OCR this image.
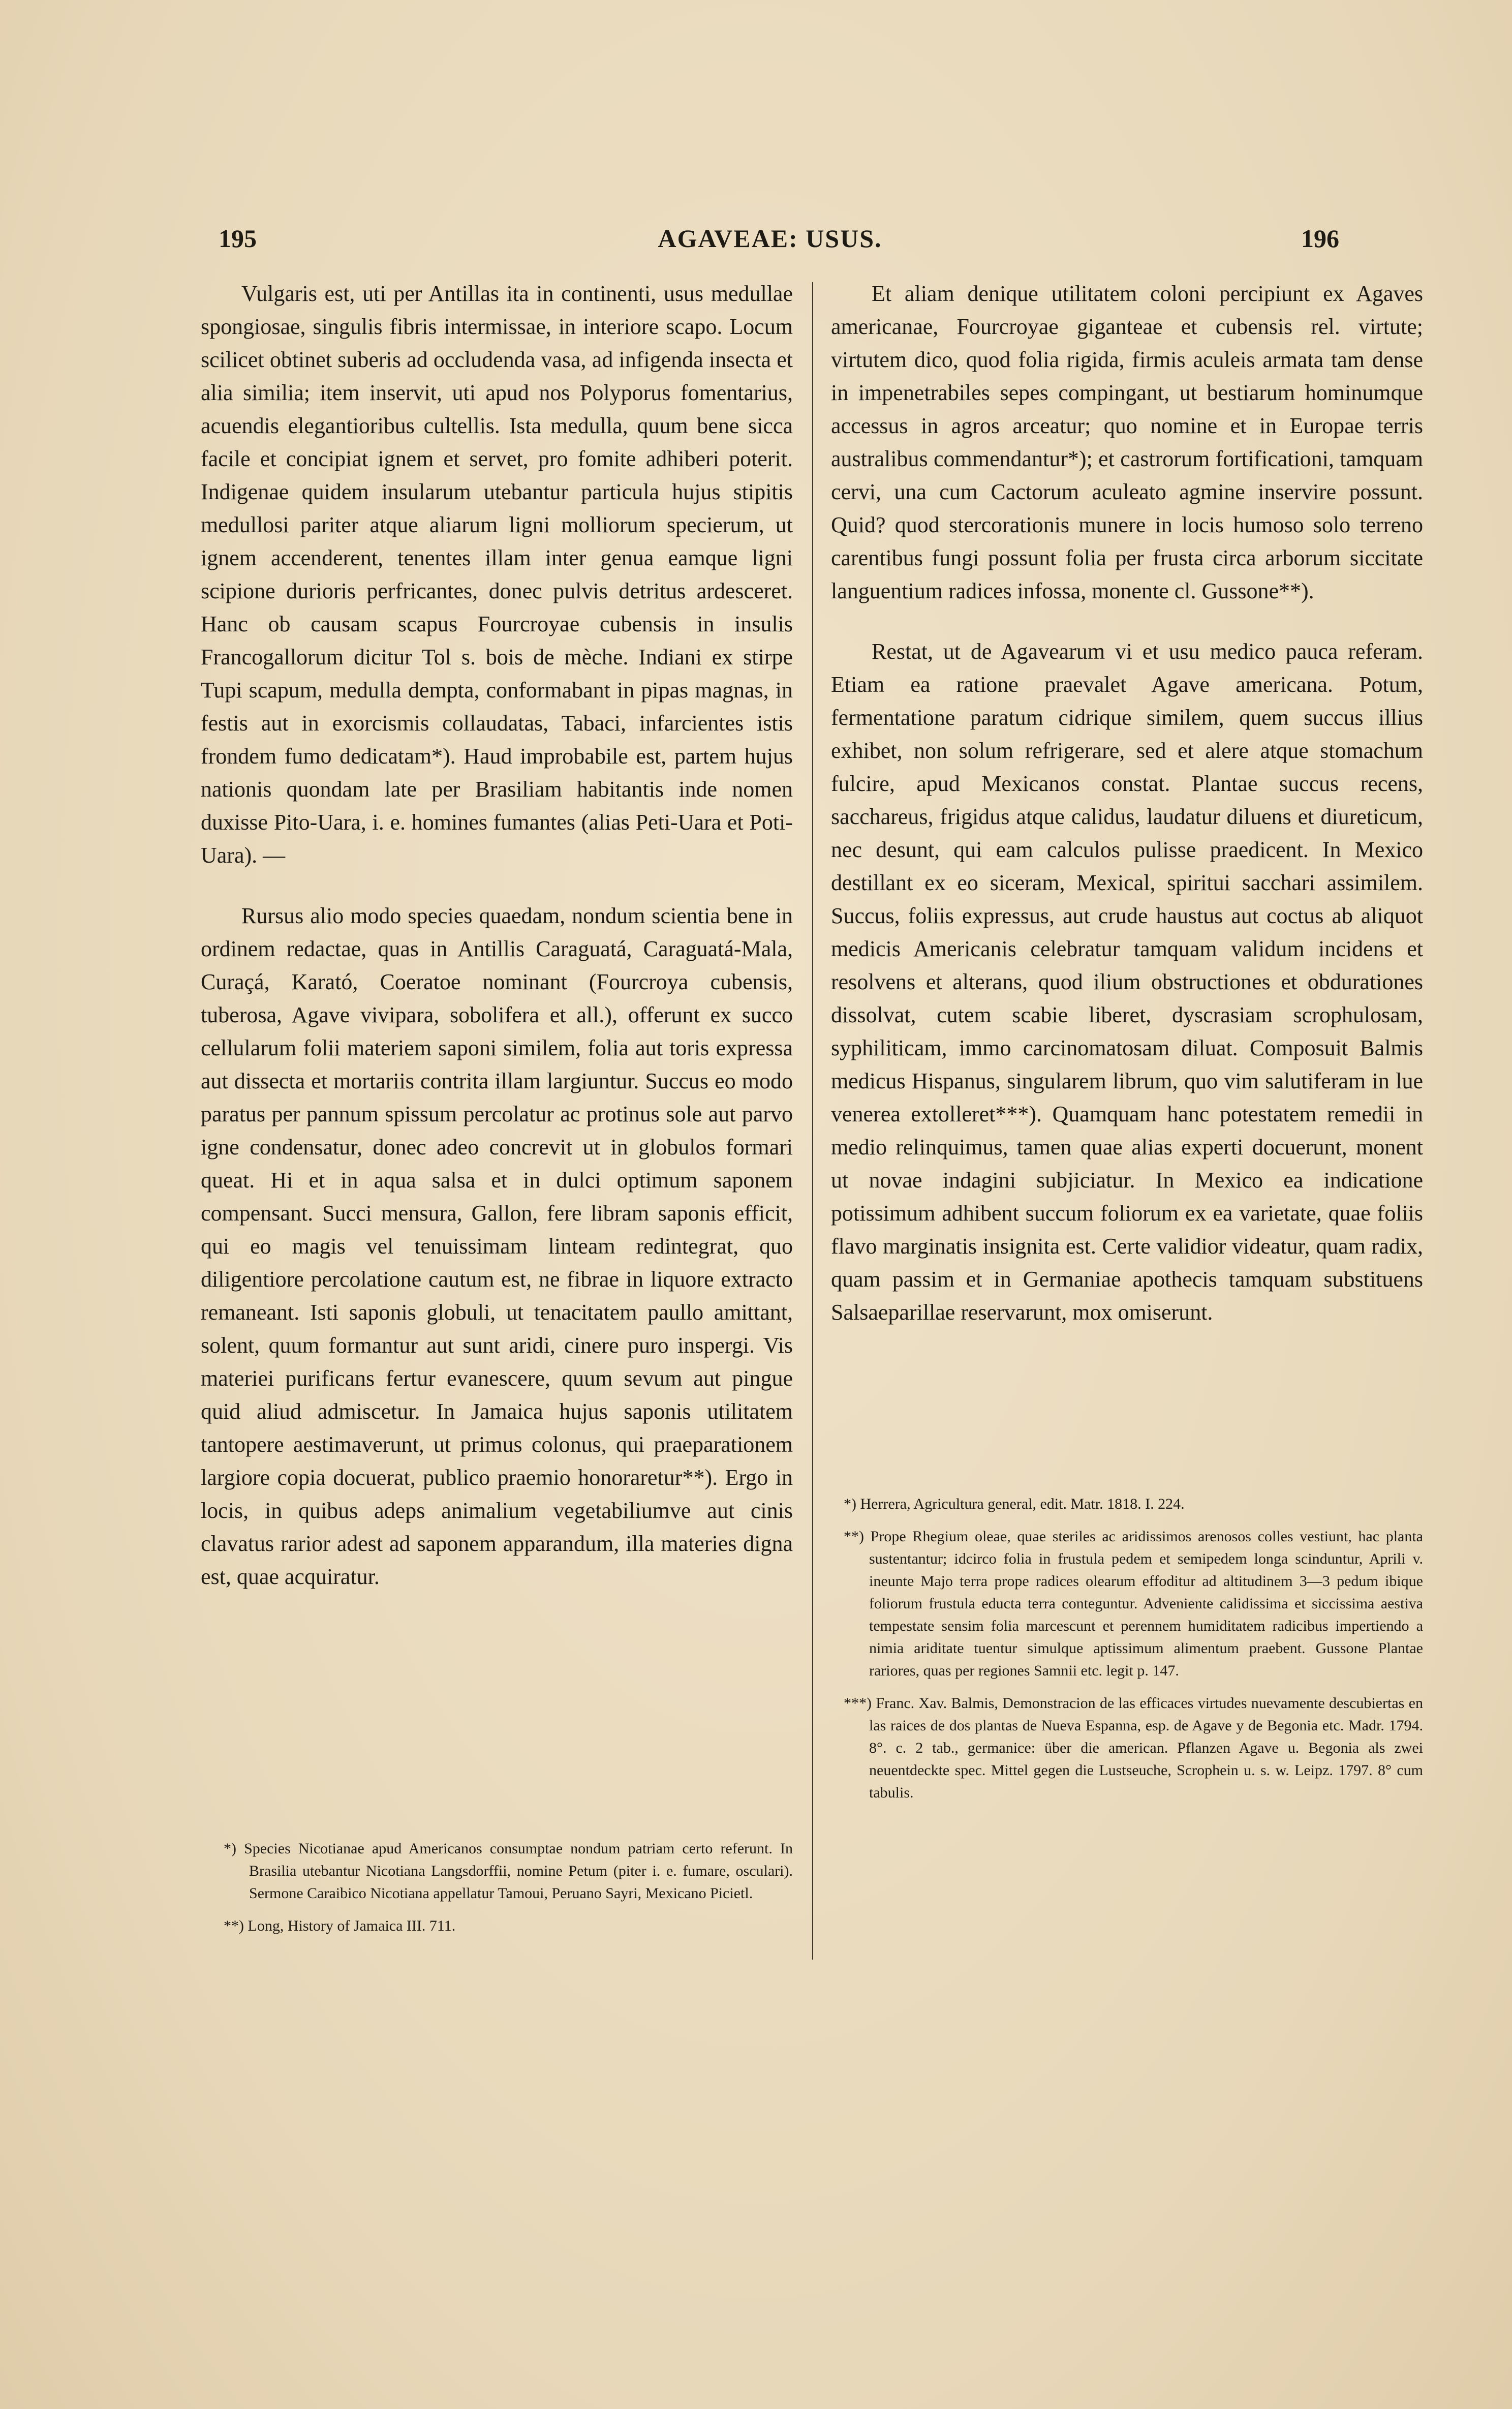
195	AGAVEAE: USUS.	196

Vulgaris est, uti per Antillas ita in continenti, usus medullae spongiosae, singulis fibris intermissae, in interiore scapo. Locum scilicet obtinet suberis ad occludenda vasa, ad infigenda insecta et alia similia; item inservit, uti apud nos Polyporus fomentarius, acuendis elegantioribus cultellis. Ista medulla, quum bene sicca facile et concipiat ignem et servet, pro fomite adhiberi poterit. Indigenae quidem insularum utebantur particula hujus stipitis medullosi pariter atque aliarum ligni molliorum specierum, ut ignem accenderent, tenentes illam inter genua eamque ligni scipione durioris perfricantes, donec pulvis detritus ardesceret. Hanc ob causam scapus Fourcroyae cubensis in insulis Francogallorum dicitur Tol s. bois de mèche. Indiani ex stirpe Tupi scapum, medulla dempta, conformabant in pipas magnas, in festis aut in exorcismis collaudatas, Tabaci, infarcientes istis frondem fumo dedicatam*). Haud improbabile est, partem hujus nationis quondam late per Brasiliam habitantis inde nomen duxisse Pito-Uara, i. e. homines fumantes (alias Peti-Uara et Poti-Uara). —

Rursus alio modo species quaedam, nondum scientia bene in ordinem redactae, quas in Antillis Caraguatá, Caraguatá-Mala, Curaçá, Karató, Coeratoe nominant (Fourcroya cubensis, tuberosa, Agave vivipara, sobolifera et all.), offerunt ex succo cellularum folii materiem saponi similem, folia aut toris expressa aut dissecta et mortariis contrita illam largiuntur. Succus eo modo paratus per pannum spissum percolatur ac protinus sole aut parvo igne condensatur, donec adeo concrevit ut in globulos formari queat. Hi et in aqua salsa et in dulci optimum saponem compensant. Succi mensura, Gallon, fere libram saponis efficit, qui eo magis vel tenuissimam linteam redintegrat, quo diligentiore percolatione cautum est, ne fibrae in liquore extracto remaneant. Isti saponis globuli, ut tenacitatem paullo amittant, solent, quum formantur aut sunt aridi, cinere puro inspergi. Vis materiei purificans fertur evanescere, quum sevum aut pingue quid aliud admiscetur. In Jamaica hujus saponis utilitatem tantopere aestimaverunt, ut primus colonus, qui praeparationem largiore copia docuerat, publico praemio honoraretur**). Ergo in locis, in quibus adeps animalium vegetabiliumve aut cinis clavatus rarior adest ad saponem apparandum, illa materies digna est, quae acquiratur.

Et aliam denique utilitatem coloni percipiunt ex Agaves americanae, Fourcroyae giganteae et cubensis rel. virtute; virtutem dico, quod folia rigida, firmis aculeis armata tam dense in impenetrabiles sepes compingant, ut bestiarum hominumque accessus in agros arceatur; quo nomine et in Europae terris australibus commendantur*); et castrorum fortificationi, tamquam cervi, una cum Cactorum aculeato agmine inservire possunt. Quid? quod stercorationis munere in locis humoso solo terreno carentibus fungi possunt folia per frusta circa arborum siccitate languentium radices infossa, monente cl. Gussone**).

Restat, ut de Agavearum vi et usu medico pauca referam. Etiam ea ratione praevalet Agave americana. Potum, fermentatione paratum cidrique similem, quem succus illius exhibet, non solum refrigerare, sed et alere atque stomachum fulcire, apud Mexicanos constat. Plantae succus recens, sacchareus, frigidus atque calidus, laudatur diluens et diureticum, nec desunt, qui eam calculos pulisse praedicent. In Mexico destillant ex eo siceram, Mexical, spiritui sacchari assimilem. Succus, foliis expressus, aut crude haustus aut coctus ab aliquot medicis Americanis celebratur tamquam validum incidens et resolvens et alterans, quod ilium obstructiones et obdurationes dissolvat, cutem scabie liberet, dyscrasiam scrophulosam, syphiliticam, immo carcinomatosam diluat. Composuit Balmis medicus Hispanus, singularem librum, quo vim salutiferam in lue venerea extolleret***). Quamquam hanc potestatem remedii in medio relinquimus, tamen quae alias experti docuerunt, monent ut novae indagini subjiciatur. In Mexico ea indicatione potissimum adhibent succum foliorum ex ea varietate, quae foliis flavo marginatis insignita est. Certe validior videatur, quam radix, quam passim et in Germaniae apothecis tamquam substituens Salsaeparillae reservarunt, mox omiserunt.

*) Species Nicotianae apud Americanos consumptae nondum patriam certo referunt. In Brasilia utebantur Nicotiana Langsdorffii, nomine Petum (piter i. e. fumare, osculari). Sermone Caraibico Nicotiana appellatur Tamoui, Peruano Sayri, Mexicano Picietl.

**) Long, History of Jamaica III. 711.

*) Herrera, Agricultura general, edit. Matr. 1818. I. 224.

**) Prope Rhegium oleae, quae steriles ac aridissimos arenosos colles vestiunt, hac planta sustentantur; idcirco folia in frustula pedem et semipedem longa scinduntur, Aprili v. ineunte Majo terra prope radices olearum effoditur ad altitudinem 3—3 pedum ibique foliorum frustula educta terra conteguntur. Adveniente calidissima et siccissima aestiva tempestate sensim folia marcescunt et perennem humiditatem radicibus impertiendo a nimia ariditate tuentur simulque aptissimum alimentum praebent. Gussone Plantae rariores, quas per regiones Samnii etc. legit p. 147.

***) Franc. Xav. Balmis, Demonstracion de las efficaces virtudes nuevamente descubiertas en las raices de dos plantas de Nueva Espanna, esp. de Agave y de Begonia etc. Madr. 1794. 8°. c. 2 tab., germanice: über die american. Pflanzen Agave u. Begonia als zwei neuentdeckte spec. Mittel gegen die Lustseuche, Scrophein u. s. w. Leipz. 1797. 8° cum tabulis.
